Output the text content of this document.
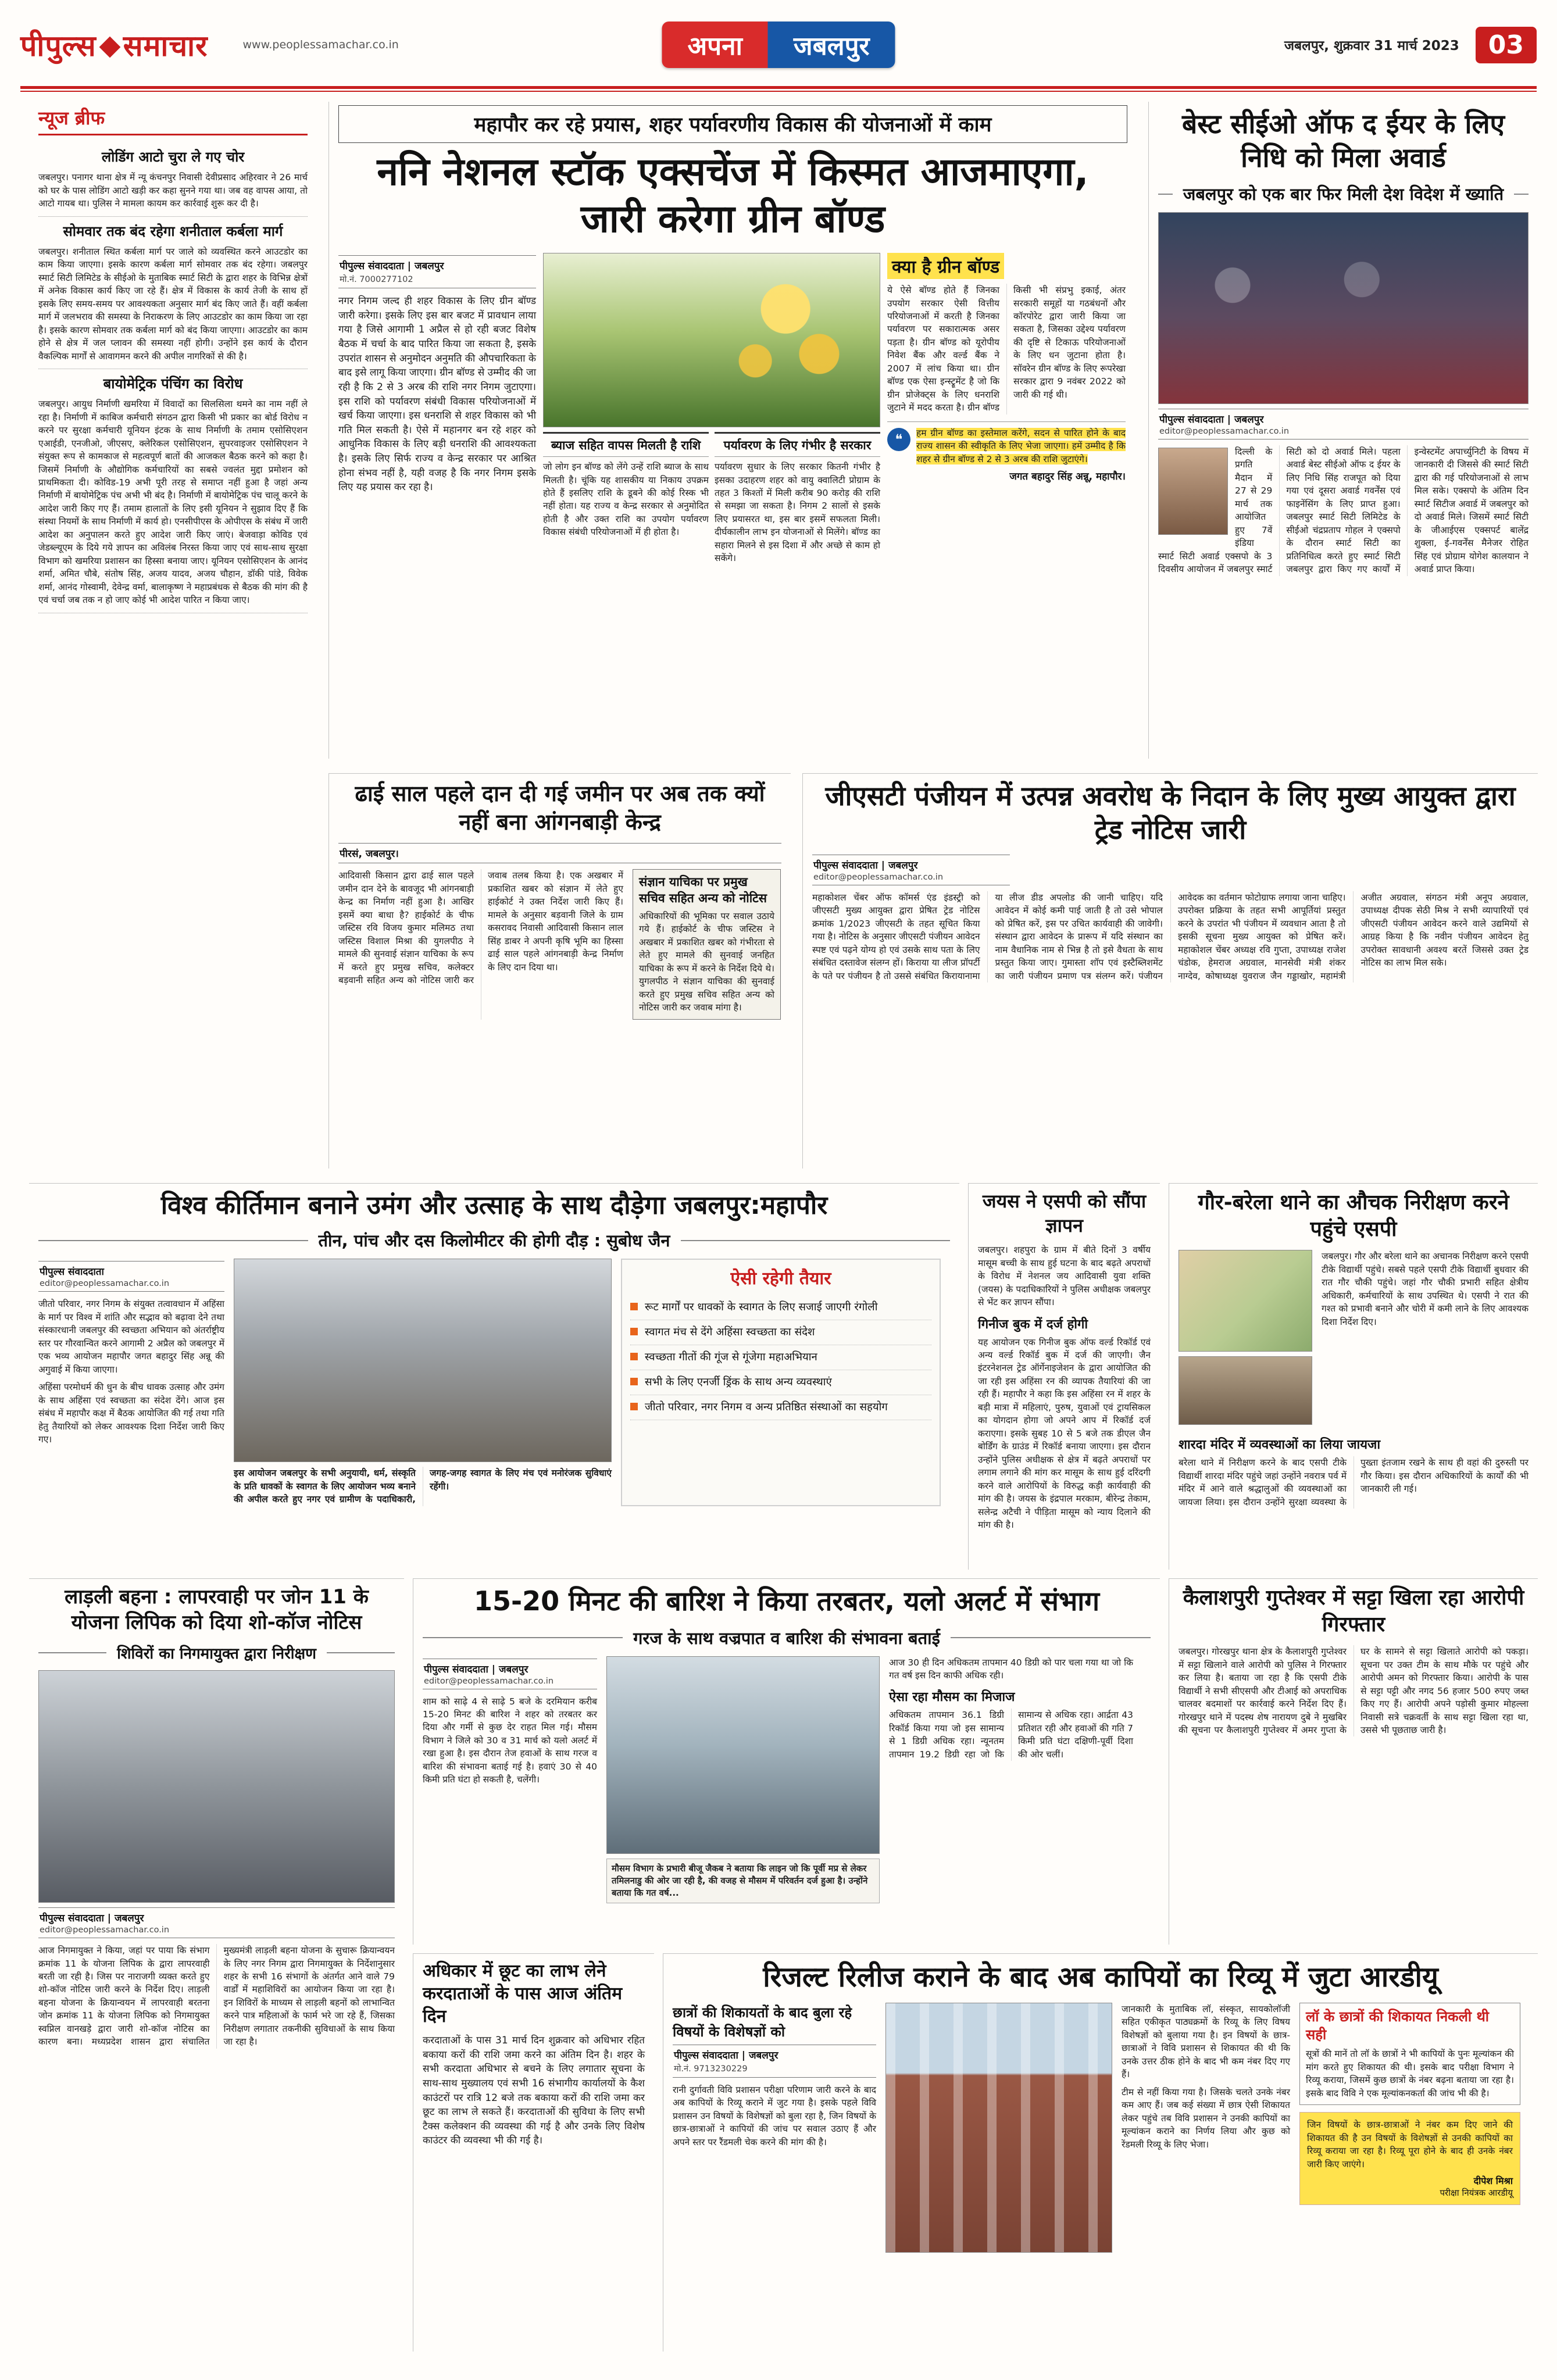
पीपुल्स समाचार	www.peoplessamachar.co.in	अपना	जबलपुर	जबलपुर, शुक्रवार 31 मार्च 2023	03
न्यूज ब्रीफ
लोडिंग आटो चुरा ले गए चोर

जबलपुर। पनागर थाना क्षेत्र में न्यू कंचनपुर निवासी देवीप्रसाद अहिरवार ने 26 मार्च को घर के पास लोडिंग आटो खड़ी कर कहा सुनने गया था। जब वह वापस आया, तो आटो गायब था। पुलिस ने मामला कायम कर कार्रवाई शुरू कर दी है।

सोमवार तक बंद रहेगा शनीताल कर्बला मार्ग

जबलपुर। शनीताल स्थित कर्बला मार्ग पर जाले को व्यवस्थित करने आउटडोर का काम किया जाएगा। इसके कारण कर्बला मार्ग सोमवार तक बंद रहेगा। जबलपुर स्मार्ट सिटी लिमिटेड के सीईओ के मुताबिक स्मार्ट सिटी के द्वारा शहर के विभिन्न क्षेत्रों में अनेक विकास कार्य किए जा रहे हैं। क्षेत्र में विकास के कार्य तेजी के साथ हों इसके लिए समय-समय पर आवश्यकता अनुसार मार्ग बंद किए जाते हैं। वहीं कर्बला मार्ग में जलभराव की समस्या के निराकरण के लिए आउटडोर का काम किया जा रहा है। इसके कारण सोमवार तक कर्बला मार्ग को बंद किया जाएगा। आउटडोर का काम होने से क्षेत्र में जल प्लावन की समस्या नहीं होगी। उन्होंने इस कार्य के दौरान वैकल्पिक मार्गों से आवागमन करने की अपील नागरिकों से की है।

बायोमेट्रिक पंचिंग का विरोध

जबलपुर। आयुध निर्माणी खमरिया में विवादों का सिलसिला थमने का नाम नहीं ले रहा है। निर्माणी में काबिज कर्मचारी संगठन द्वारा किसी भी प्रकार का बोर्ड विरोध न करने पर सुरक्षा कर्मचारी यूनियन इंटक के साथ निर्माणी के तमाम एसोसिएशन एआईडी, एनजीओ, जीएसए, क्लेरिकल एसोसिएशन, सुपरवाइजर एसोसिएशन ने संयुक्त रूप से कामकाज से महत्वपूर्ण बातों की आजकल बैठक करने को कहा है। जिसमें निर्माणी के औद्योगिक कर्मचारियों का सबसे ज्वलंत मुद्दा प्रमोशन को प्राथमिकता दी। कोविड-19 अभी पूरी तरह से समाप्त नहीं हुआ है जहां अन्य निर्माणी में बायोमेट्रिक पंच अभी भी बंद है। निर्माणी में बायोमेट्रिक पंच चालू करने के आदेश जारी किए गए हैं। तमाम हालातों के लिए इसी यूनियन ने सुझाव दिए हैं कि संस्था नियमों के साथ निर्माणी में कार्य हो। एनसीपीएस के ओपीएस के संबंध में जारी आदेश का अनुपालन करते हुए आदेश जारी किए जाएं। बेजवाड़ा कोविड एवं जेडब्ल्यूएम के दिये गये ज्ञापन का अविलंब निरस्त किया जाए एवं साथ-साथ सुरक्षा विभाग को खमरिया प्रशासन का हिस्सा बनाया जाए। यूनियन एसोसिएशन के आनंद शर्मा, अमित चौबे, संतोष सिंह, अजय यादव, अजय चौहान, डॉकी पांडे, विवेक शर्मा, आनंद गोस्वामी, देवेन्द्र वर्मा, बालाकृष्ण ने महाप्रबंधक से बैठक की मांग की है एवं चर्चा जब तक न हो जाए कोई भी आदेश पारित न किया जाए।

महापौर कर रहे प्रयास, शहर पर्यावरणीय विकास की योजनाओं में काम
ननि नेशनल स्टॉक एक्सचेंज में किस्मत आजमाएगा, जारी करेगा ग्रीन बॉण्ड
पीपुल्स संवाददाता | जबलपुर
मो.नं. 7000277102

नगर निगम जल्द ही शहर विकास के लिए ग्रीन बॉण्ड जारी करेगा। इसके लिए इस बार बजट में प्रावधान लाया गया है जिसे आगामी 1 अप्रैल से हो रही बजट विशेष बैठक में चर्चा के बाद पारित किया जा सकता है, इसके उपरांत शासन से अनुमोदन अनुमति की औपचारिकता के बाद इसे लागू किया जाएगा। ग्रीन बॉण्ड से उम्मीद की जा रही है कि 2 से 3 अरब की राशि नगर निगम जुटाएगा। इस राशि को पर्यावरण संबंधी विकास परियोजनाओं में खर्च किया जाएगा। इस धनराशि से शहर विकास को भी गति मिल सकती है। ऐसे में महानगर बन रहे शहर को आधुनिक विकास के लिए बड़ी धनराशि की आवश्यकता है। इसके लिए सिर्फ राज्य व केन्द्र सरकार पर आश्रित होना संभव नहीं है, यही वजह है कि नगर निगम इसके लिए यह प्रयास कर रहा है।

ब्याज सहित वापस मिलती है राशि

जो लोग इन बॉण्ड को लेंगे उन्हें राशि ब्याज के साथ मिलती है। चूंकि यह शासकीय या निकाय उपक्रम होते हैं इसलिए राशि के डूबने की कोई रिस्क भी नहीं होता। यह राज्य व केन्द्र सरकार से अनुमोदित होती है और उक्त राशि का उपयोग पर्यावरण विकास संबंधी परियोजनाओं में ही होता है।

पर्यावरण के लिए गंभीर है सरकार

पर्यावरण सुधार के लिए सरकार कितनी गंभीर है इसका उदाहरण शहर को वायु क्वालिटी प्रोग्राम के तहत 3 किश्तों में मिली करीब 90 करोड़ की राशि से समझा जा सकता है। निगम 2 सालों से इसके लिए प्रयासरत था, इस बार इसमें सफलता मिली। दीर्घकालीन लाभ इन योजनाओं से मिलेंगे। बॉण्ड का सहारा मिलने से इस दिशा में और अच्छे से काम हो सकेंगे।

क्या है ग्रीन बॉण्ड

ये ऐसे बॉण्ड होते हैं जिनका उपयोग सरकार ऐसी वित्तीय परियोजनाओं में करती है जिनका पर्यावरण पर सकारात्मक असर पड़ता है। ग्रीन बॉण्ड को यूरोपीय निवेश बैंक और वर्ल्ड बैंक ने 2007 में लांच किया था। ग्रीन बॉण्ड एक ऐसा इन्स्ट्रूमेंट है जो कि ग्रीन प्रोजेक्ट्स के लिए धनराशि जुटाने में मदद करता है। ग्रीन बॉण्ड किसी भी संप्रभु इकाई, अंतर सरकारी समूहों या गठबंधनों और कॉरपोरेट द्वारा जारी किया जा सकता है, जिसका उद्देश्य पर्यावरण की दृष्टि से टिकाऊ परियोजनाओं के लिए धन जुटाना होता है। सॉवरेन ग्रीन बॉण्ड के लिए रूपरेखा सरकार द्वारा 9 नवंबर 2022 को जारी की गई थी।

❝	हम ग्रीन बॉण्ड का इस्तेमाल करेंगे, सदन से पारित होने के बाद राज्य शासन की स्वीकृति के लिए भेजा जाएगा। हमें उम्मीद है कि शहर से ग्रीन बॉण्ड से 2 से 3 अरब की राशि जुटाएंगे।

जगत बहादुर सिंह अन्नू, महापौर।
बेस्ट सीईओ ऑफ द ईयर के लिए निधि को मिला अवार्ड
जबलपुर को एक बार फिर मिली देश विदेश में ख्याति
पीपुल्स संवाददाता | जबलपुर
editor@peoplessamachar.co.in
दिल्ली के प्रगति मैदान में 27 से 29 मार्च तक आयोजित हुए 7वें इंडिया स्मार्ट सिटी अवार्ड एक्सपो के 3 दिवसीय आयोजन में जबलपुर स्मार्ट सिटी को दो अवार्ड मिले। पहला अवार्ड बेस्ट सीईओ ऑफ द ईयर के लिए निधि सिंह राजपूत को दिया गया एवं दूसरा अवार्ड गवर्नेंस एवं फाइनेंसिंग के लिए प्राप्त हुआ। जबलपुर स्मार्ट सिटी लिमिटेड के सीईओ चंद्रप्रताप गोहल ने एक्सपो के दौरान स्मार्ट सिटी का प्रतिनिधित्व करते हुए स्मार्ट सिटी जबलपुर द्वारा किए गए कार्यों में इन्वेस्टमेंट अपार्च्युनिटी के विषय में जानकारी दी जिससे की स्मार्ट सिटी द्वारा की गई परियोजनाओं से लाभ मिल सके। एक्सपो के अंतिम दिन स्मार्ट सिटीज अवार्ड में जबलपुर को दो अवार्ड मिले। जिसमें स्मार्ट सिटी के जीआईएस एक्सपर्ट बालेंद्र शुक्ला, ई-गवर्नेंस मैनेजर रोहित सिंह एवं प्रोग्राम योगेश कालयान ने अवार्ड प्राप्त किया।
ढाई साल पहले दान दी गई जमीन पर अब तक क्यों नहीं बना आंगनबाड़ी केन्द्र
पीरसं, जबलपुर।

आदिवासी किसान द्वारा ढाई साल पहले जमीन दान देने के बावजूद भी आंगनबाड़ी केन्द्र का निर्माण नहीं हुआ है। आखिर इसमें क्या बाधा है? हाईकोर्ट के चीफ जस्टिस रवि विजय कुमार मलिमठ तथा जस्टिस विशाल मिश्रा की युगलपीठ ने मामले की सुनवाई संज्ञान याचिका के रूप में करते हुए प्रमुख सचिव, कलेक्टर बड़वानी सहित अन्य को नोटिस जारी कर जवाब तलब किया है। एक अखबार में प्रकाशित खबर को संज्ञान में लेते हुए हाईकोर्ट ने उक्त निर्देश जारी किए हैं। मामले के अनुसार बड़वानी जिले के ग्राम कसरावद निवासी आदिवासी किसान लाल सिंह डाबर ने अपनी कृषि भूमि का हिस्सा ढाई साल पहले आंगनबाड़ी केन्द्र निर्माण के लिए दान दिया था।

संज्ञान याचिका पर प्रमुख सचिव सहित अन्य को नोटिस

अधिकारियों की भूमिका पर सवाल उठाये गये हैं। हाईकोर्ट के चीफ जस्टिस ने अखबार में प्रकाशित खबर को गंभीरता से लेते हुए मामले की सुनवाई जनहित याचिका के रूप में करने के निर्देश दिये थे। युगलपीठ ने संज्ञान याचिका की सुनवाई करते हुए प्रमुख सचिव सहित अन्य को नोटिस जारी कर जवाब मांगा है।

जीएसटी पंजीयन में उत्पन्न अवरोध के निदान के लिए मुख्य आयुक्त द्वारा ट्रेड नोटिस जारी
पीपुल्स संवाददाता | जबलपुर
editor@peoplessamachar.co.in

महाकोशल चेंबर ऑफ कॉमर्स एंड इंडस्ट्री को जीएसटी मुख्य आयुक्त द्वारा प्रेषित ट्रेड नोटिस क्रमांक 1/2023 जीएसटी के तहत सूचित किया गया है। नोटिस के अनुसार जीएसटी पंजीयन आवेदन स्पष्ट एवं पढ़ने योग्य हो एवं उसके साथ पता के लिए संबंधित दस्तावेज संलग्न हों। किराया या लीज प्रॉपर्टी के पते पर पंजीयन है तो उससे संबंधित किरायानामा या लीज डीड अपलोड की जानी चाहिए। यदि आवेदन में कोई कमी पाई जाती है तो उसे भोपाल को प्रेषित करें, इस पर उचित कार्यवाही की जावेगी। संस्थान द्वारा आवेदन के प्रारूप में यदि संस्थान का नाम वैधानिक नाम से भिन्न है तो इसे वैधता के साथ प्रस्तुत किया जाए। गुमास्ता शॉप एवं इस्टैब्लिशमेंट का जारी पंजीयन प्रमाण पत्र संलग्न करें। पंजीयन आवेदक का वर्तमान फोटोग्राफ लगाया जाना चाहिए। उपरोक्त प्रक्रिया के तहत सभी आपूर्तियां प्रस्तुत करने के उपरांत भी पंजीयन में व्यवधान आता है तो इसकी सूचना मुख्य आयुक्त को प्रेषित करें। महाकोशल चेंबर अध्यक्ष रवि गुप्ता, उपाध्यक्ष राजेश चंडोक, हेमराज अग्रवाल, मानसेवी मंत्री शंकर नाग्देव, कोषाध्यक्ष युवराज जैन गड्डाखोर, महामंत्री अजीत अग्रवाल, संगठन मंत्री अनूप अग्रवाल, उपाध्यक्ष दीपक सेठी मिश्र ने सभी व्यापारियों एवं जीएसटी पंजीयन आवेदन करने वाले उद्यमियों से आग्रह किया है कि नवीन पंजीयन आवेदन हेतु उपरोक्त सावधानी अवश्य बरतें जिससे उक्त ट्रेड नोटिस का लाभ मिल सके।

विश्व कीर्तिमान बनाने उमंग और उत्साह के साथ दौड़ेगा जबलपुर:महापौर
तीन, पांच और दस किलोमीटर की होगी दौड़ : सुबोध जैन
पीपुल्स संवाददाता
editor@peoplessamachar.co.in

जीतो परिवार, नगर निगम के संयुक्त तत्वावधान में अहिंसा के मार्ग पर विश्व में शांति और सद्भाव को बढ़ावा देने तथा संस्कारधानी जबलपुर की स्वच्छता अभियान को अंतर्राष्ट्रीय स्तर पर गौरवान्वित करने आगामी 2 अप्रैल को जबलपुर में एक भव्य आयोजन महापौर जगत बहादुर सिंह अन्नू की अगुवाई में किया जाएगा।

अहिंसा परमोधर्म की धुन के बीच धावक उत्साह और उमंग के साथ अहिंसा एवं स्वच्छता का संदेश देंगे। आज इस संबंध में महापौर कक्ष में बैठक आयोजित की गई तथा गति हेतु तैयारियों को लेकर आवश्यक दिशा निर्देश जारी किए गए।

इस आयोजन जबलपुर के सभी अनुयायी, धर्म, संस्कृति के प्रति धावकों के स्वागत के लिए आयोजन भव्य बनाने की अपील करते हुए नगर एवं ग्रामीण के पदाधिकारी, जगह-जगह स्वागत के लिए मंच एवं मनोरंजक सुविधाएं रहेंगी।

ऐसी रहेगी तैयार
रूट मार्गों पर धावकों के स्वागत के लिए सजाई जाएगी रंगोली
स्वागत मंच से देंगे अहिंसा स्वच्छता का संदेश
स्वच्छता गीतों की गूंज से गूंजेगा महाअभियान
सभी के लिए एनर्जी ड्रिंक के साथ अन्य व्यवस्थाएं
जीतो परिवार, नगर निगम व अन्य प्रतिष्ठित संस्थाओं का सहयोग
जयस ने एसपी को सौंपा ज्ञापन

जबलपुर। शहपुरा के ग्राम में बीते दिनों 3 वर्षीय मासूम बच्ची के साथ हुई घटना के बाद बढ़ते अपराधों के विरोध में नेशनल जय आदिवासी युवा शक्ति (जयस) के पदाधिकारियों ने पुलिस अधीक्षक जबलपुर से भेंट कर ज्ञापन सौंपा।

गिनीज बुक में दर्ज होगी

यह आयोजन एक गिनीज बुक ऑफ वर्ल्ड रिकॉर्ड एवं अन्य वर्ल्ड रिकॉर्ड बुक में दर्ज की जाएगी। जैन इंटरनेशनल ट्रेड ऑर्गेनाइजेशन के द्वारा आयोजित की जा रही इस अहिंसा रन की व्यापक तैयारियां की जा रही हैं। महापौर ने कहा कि इस अहिंसा रन में शहर के बड़ी मात्रा में महिलाएं, पुरुष, युवाओं एवं ट्रायसिकल का योगदान होगा जो अपने आप में रिकॉर्ड दर्ज कराएगा। इसके सुबह 10 से 5 बजे तक डीएल जैन बोर्डिंग के ग्राउंड में रिकॉर्ड बनाया जाएगा। इस दौरान उन्होंने पुलिस अधीक्षक से क्षेत्र में बढ़ते अपराधों पर लगाम लगाने की मांग कर मासूम के साथ हुई दरिंदगी करने वाले आरोपियों के विरुद्ध कड़ी कार्यवाही की मांग की है। जयस के इंद्रपाल मरकाम, बीरेन्द्र तेकाम, सलेन्द्र अटैची ने पीड़िता मासूम को न्याय दिलाने की मांग की है।

गौर-बरेला थाने का औचक निरीक्षण करने पहुंचे एसपी

जबलपुर। गौर और बरेला थाने का अचानक निरीक्षण करने एसपी टीके विद्यार्थी पहुंचे। सबसे पहले एसपी टीके विद्यार्थी बुधवार की रात गौर चौकी पहुंचे। जहां गौर चौकी प्रभारी सहित क्षेत्रीय अधिकारी, कर्मचारियों के साथ उपस्थित थे। एसपी ने रात की गश्त को प्रभावी बनाने और चोरी में कमी लाने के लिए आवश्यक दिशा निर्देश दिए।

शारदा मंदिर में व्यवस्थाओं का लिया जायजा

बरेला थाने में निरीक्षण करने के बाद एसपी टीके विद्यार्थी शारदा मंदिर पहुंचे जहां उन्होंने नवरात्र पर्व में मंदिर में आने वाले श्रद्धालुओं की व्यवस्थाओं का जायजा लिया। इस दौरान उन्होंने सुरक्षा व्यवस्था के पुख्ता इंतजाम रखने के साथ ही वहां की दुरुस्ती पर गौर किया। इस दौरान अधिकारियों के कार्यों की भी जानकारी ली गई।

लाड़ली बहना : लापरवाही पर जोन 11 के योजना लिपिक को दिया शो-कॉज नोटिस
शिविरों का निगमायुक्त द्वारा निरीक्षण
पीपुल्स संवाददाता | जबलपुर
editor@peoplessamachar.co.in

आज निगमायुक्त ने किया, जहां पर पाया कि संभाग क्रमांक 11 के योजना लिपिक के द्वारा लापरवाही बरती जा रही है। जिस पर नाराजगी व्यक्त करते हुए शो-कॉज नोटिस जारी करने के निर्देश दिए। लाड़ली बहना योजना के क्रियान्वयन में लापरवाही बरतना जोन क्रमांक 11 के योजना लिपिक को निगमायुक्त स्वप्निल वानखड़े द्वारा जारी शो-कॉज नोटिस का कारण बना। मध्यप्रदेश शासन द्वारा संचालित मुख्यमंत्री लाड़ली बहना योजना के सुचारू क्रियान्वयन के लिए नगर निगम द्वारा निगमायुक्त के निर्देशानुसार शहर के सभी 16 संभागों के अंतर्गत आने वाले 79 वार्डों में महाशिविरों का आयोजन किया जा रहा है। इन शिविरों के माध्यम से लाड़ली बहनों को लाभान्वित करने पात्र महिलाओं के फार्म भरे जा रहे हैं, जिसका निरीक्षण लगातार तकनीकी सुविधाओं के साथ किया जा रहा है।

15-20 मिनट की बारिश ने किया तरबतर, यलो अलर्ट में संभाग
गरज के साथ वज्रपात व बारिश की संभावना बताई
पीपुल्स संवाददाता | जबलपुर
editor@peoplessamachar.co.in

शाम को साढ़े 4 से साढ़े 5 बजे के दरमियान करीब 15-20 मिनट की बारिश ने शहर को तरबतर कर दिया और गर्मी से कुछ देर राहत मिल गई। मौसम विभाग ने जिले को 30 व 31 मार्च को यलो अलर्ट में रखा हुआ है। इस दौरान तेज हवाओं के साथ गरज व बारिश की संभावना बताई गई है। हवाएं 30 से 40 किमी प्रति घंटा हो सकती है, चलेंगी।

मौसम विभाग के प्रभारी बीजू जैकब ने बताया कि लाइन जो कि पूर्वी मप्र से लेकर तमिलनाडु की ओर जा रही है, की वजह से मौसम में परिवर्तन दर्ज हुआ है। उन्होंने बताया कि गत वर्ष...

आज 30 ही दिन अधिकतम तापमान 40 डिग्री को पार चला गया था जो कि गत वर्ष इस दिन काफी अधिक रही।

ऐसा रहा मौसम का मिजाज

अधिकतम तापमान 36.1 डिग्री रिकॉर्ड किया गया ज‍ो इस सामान्य से 1 डिग्री अधिक रहा। न्यूनतम तापमान 19.2 डिग्री रहा जो कि सामान्य से अधिक रहा। आर्द्रता 43 प्रतिशत रही और हवाओं की गति 7 किमी प्रति घंटा दक्षिणी-पूर्वी दिशा की ओर चलीं।

कैलाशपुरी गुप्तेश्वर में सट्टा खिला रहा आरोपी गिरफ्तार

जबलपुर। गोरखपुर थाना क्षेत्र के कैलाशपुरी गुप्तेश्वर में सट्टा खिलाने वाले आरोपी को पुलिस ने गिरफ्तार कर लिया है। बताया जा रहा है कि एसपी टीके विद्यार्थी ने सभी सीएसपी और टीआई को अपराधिक चालवर बदमाशों पर कार्रवाई करने निर्देश दिए हैं। गोरखपुर थाने में पदस्थ शेष नारायण दुबे ने मुखबिर की सूचना पर कैलाशपुरी गुप्तेश्वर में अमर गुप्ता के घर के सामने से सट्टा खिलाते आरोपी को पकड़ा। सूचना पर उक्त टीम के साथ मौके पर पहुंचे और आरोपी अमन को गिरफ्तार किया। आरोपी के पास से सट्टा पट्टी और नगद 56 हजार 500 रुपए जब्त किए गए हैं। आरोपी अपने पड़ोसी कुमार मोहल्ला निवासी सत्रे चक्रवर्ती के साथ सट्टा खिला रहा था, उससे भी पूछताछ जारी है।

अधिकार में छूट का लाभ लेने करदाताओं के पास आज अंतिम दिन

करदाताओं के पास 31 मार्च दिन शुक्रवार को अधिभार रहित बकाया करों की राशि जमा करने का अंतिम दिन है। शहर के सभी करदाता अधिभार से बचने के लिए लगातार सूचना के साथ-साथ मुख्यालय एवं सभी 16 संभागीय कार्यालयों के कैश काउंटरों पर रात्रि 12 बजे तक बकाया करों की राशि जमा कर छूट का लाभ ले सकते हैं। करदाताओं की सुविधा के लिए सभी टैक्स कलेक्शन की व्यवस्था की गई है और उनके लिए विशेष काउंटर की व्यवस्था भी की गई है।

रिजल्ट रिलीज कराने के बाद अब कापियों का रिव्यू में जुटा आरडीयू
छात्रों की शिकायतों के बाद बुला रहे विषयों के विशेषज्ञों को
पीपुल्स संवाददाता | जबलपुर
मो.नं. 9713230229

रानी दुर्गावती विवि प्रशासन परीक्षा परिणाम जारी करने के बाद अब कापियों के रिव्यू कराने में जुट गया है। इसके पहले विवि प्रशासन उन विषयों के विशेषज्ञों को बुला रहा है, जिन विषयों के छात्र-छात्राओं ने कापियों की जांच पर सवाल उठाए हैं और अपने स्तर पर रैंडमली चेक करने की मांग की है।

जानकारी के मुताबिक लॉ, संस्कृत, सायकोलॉजी सहित एकीकृत पाठ्यक्रमों के रिव्यू के लिए विषय विशेषज्ञों को बुलाया गया है। इन विषयों के छात्र-छात्राओं ने विवि प्रशासन से शिकायत की थी कि उनके उत्तर ठीक होने के बाद भी कम नंबर दिए गए हैं।

टीम से नहीं किया गया है। जिसके चलते उनके नंबर कम आए हैं। जब कई संख्या में छात्र ऐसी शिकायत लेकर पहुंचे तब विवि प्रशासन ने उनकी कापियों का मूल्यांकन कराने का निर्णय लिया और कुछ को रेंडमली रिव्यू के लिए भेजा।

लॉ के छात्रों की शिकायत निकली थी सही

सूत्रों की मानें तो लॉ के छात्रों ने भी कापियों के पुनः मूल्यांकन की मांग करते हुए शिकायत की थी। इसके बाद परीक्षा विभाग ने रिव्यू कराया, जिसमें कुछ छात्रों के नंबर बढ़ना बताया जा रहा है। इसके बाद विवि ने एक मूल्यांकनकर्ता की जांच भी की है।

जिन विषयों के छात्र-छात्राओं ने नंबर कम दिए जाने की शिकायत की है उन विषयों के विशेषज्ञों से उनकी कापियों का रिव्यू कराया जा रहा है। रिव्यू पूरा होने के बाद ही उनके नंबर जारी किए जाएंगे।

दीपेश मिश्रा
परीक्षा नियंत्रक आरडीयू
